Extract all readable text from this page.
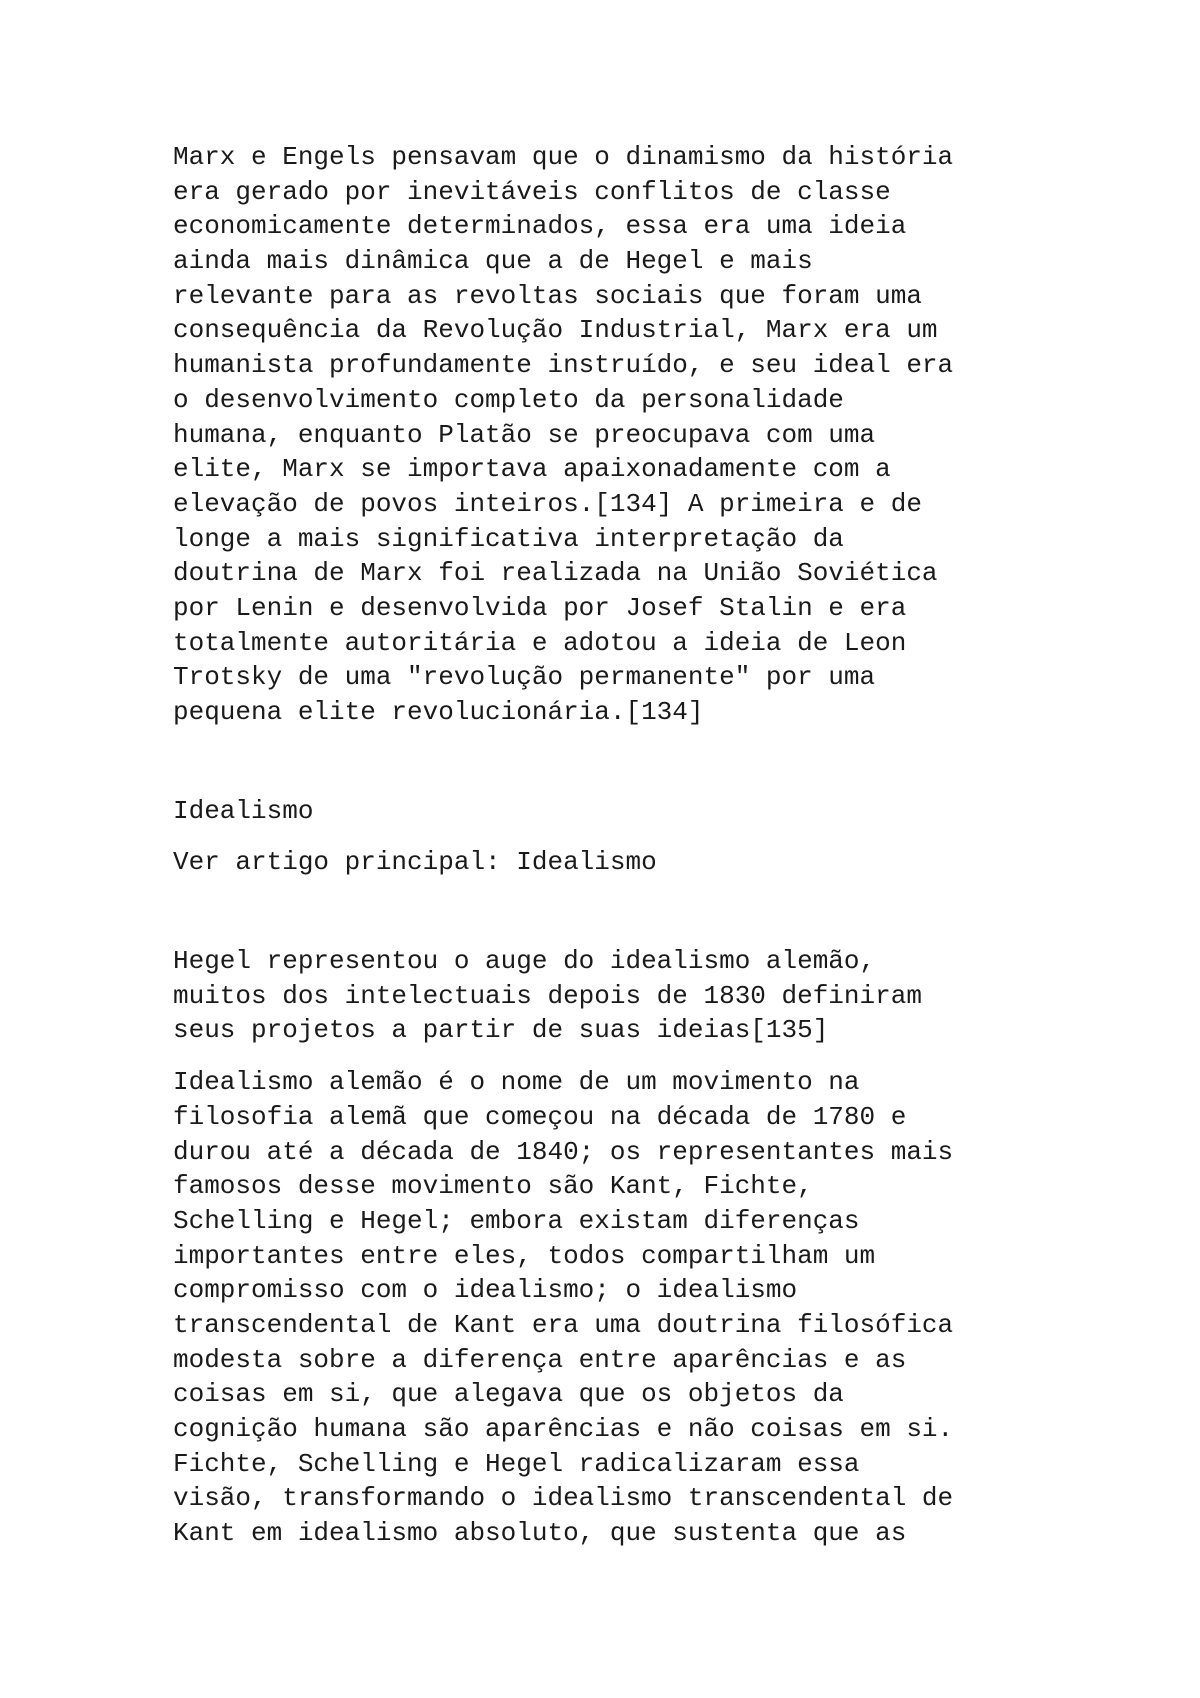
Marx e Engels pensavam que o dinamismo da história
era gerado por inevitáveis conflitos de classe
economicamente determinados, essa era uma ideia
ainda mais dinâmica que a de Hegel e mais
relevante para as revoltas sociais que foram uma
consequência da Revolução Industrial, Marx era um
humanista profundamente instruído, e seu ideal era
o desenvolvimento completo da personalidade
humana, enquanto Platão se preocupava com uma
elite, Marx se importava apaixonadamente com a
elevação de povos inteiros.[134] A primeira e de
longe a mais significativa interpretação da
doutrina de Marx foi realizada na União Soviética
por Lenin e desenvolvida por Josef Stalin e era
totalmente autoritária e adotou a ideia de Leon
Trotsky de uma "revolução permanente" por uma
pequena elite revolucionária.[134]
Idealismo
Ver artigo principal: Idealismo
Hegel representou o auge do idealismo alemão,
muitos dos intelectuais depois de 1830 definiram
seus projetos a partir de suas ideias[135]
Idealismo alemão é o nome de um movimento na
filosofia alemã que começou na década de 1780 e
durou até a década de 1840; os representantes mais
famosos desse movimento são Kant, Fichte,
Schelling e Hegel; embora existam diferenças
importantes entre eles, todos compartilham um
compromisso com o idealismo; o idealismo
transcendental de Kant era uma doutrina filosófica
modesta sobre a diferença entre aparências e as
coisas em si, que alegava que os objetos da
cognição humana são aparências e não coisas em si.
Fichte, Schelling e Hegel radicalizaram essa
visão, transformando o idealismo transcendental de
Kant em idealismo absoluto, que sustenta que as
